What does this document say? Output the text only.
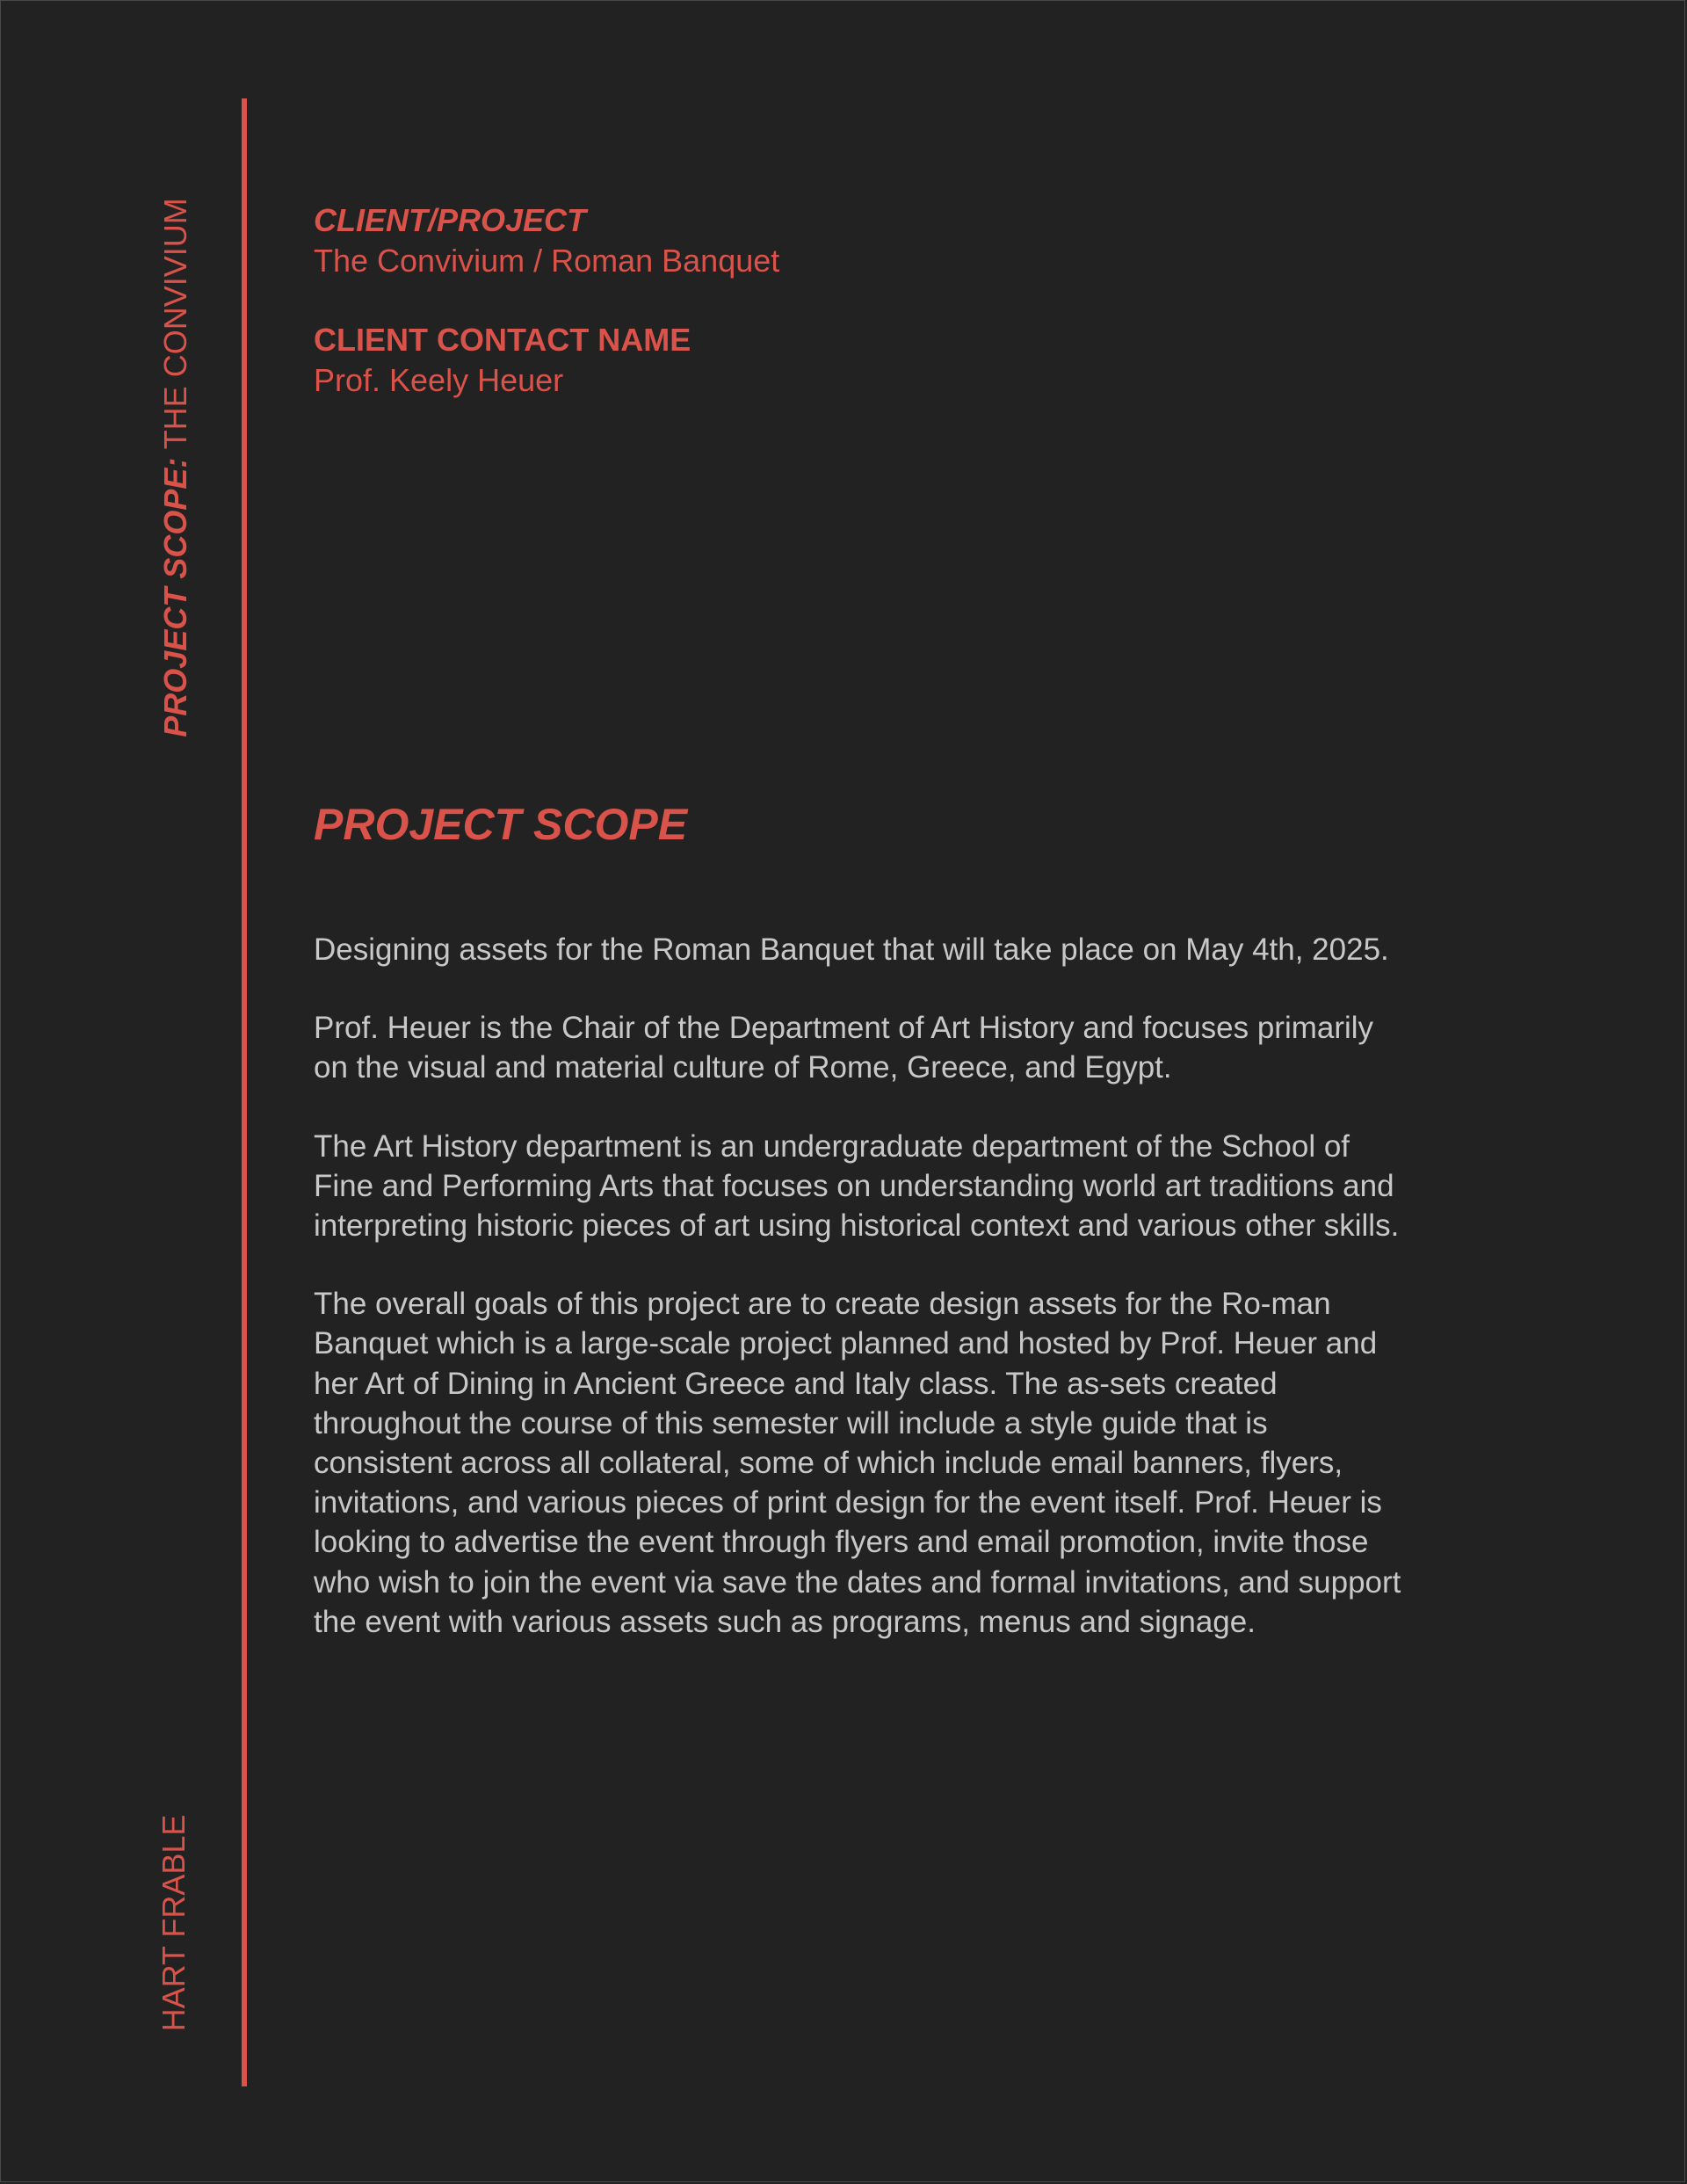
PROJECT SCOPE: THE CONVIVIUM
HART FRABLE

CLIENT/PROJECT

The Convivium / Roman Banquet

CLIENT CONTACT NAME

Prof. Keely Heuer

PROJECT SCOPE

Designing assets for the Roman Banquet that will take place on May 4th, 2025.

Prof. Heuer is the Chair of the Department of Art History and focuses primarily on the visual and material culture of Rome, Greece, and Egypt.

The Art History department is an undergraduate department of the School of Fine and Performing Arts that focuses on understanding world art traditions and interpreting historic pieces of art using historical context and various other skills.

The overall goals of this project are to create design assets for the Ro-man Banquet which is a large-scale project planned and hosted by Prof. Heuer and her Art of Dining in Ancient Greece and Italy class. The as-sets created throughout the course of this semester will include a style guide that is consistent across all collateral, some of which include email banners, flyers, invitations, and various pieces of print design for the event itself. Prof. Heuer is looking to advertise the event through flyers and email promotion, invite those who wish to join the event via save the dates and formal invitations, and support the event with various assets such as programs, menus and signage.
